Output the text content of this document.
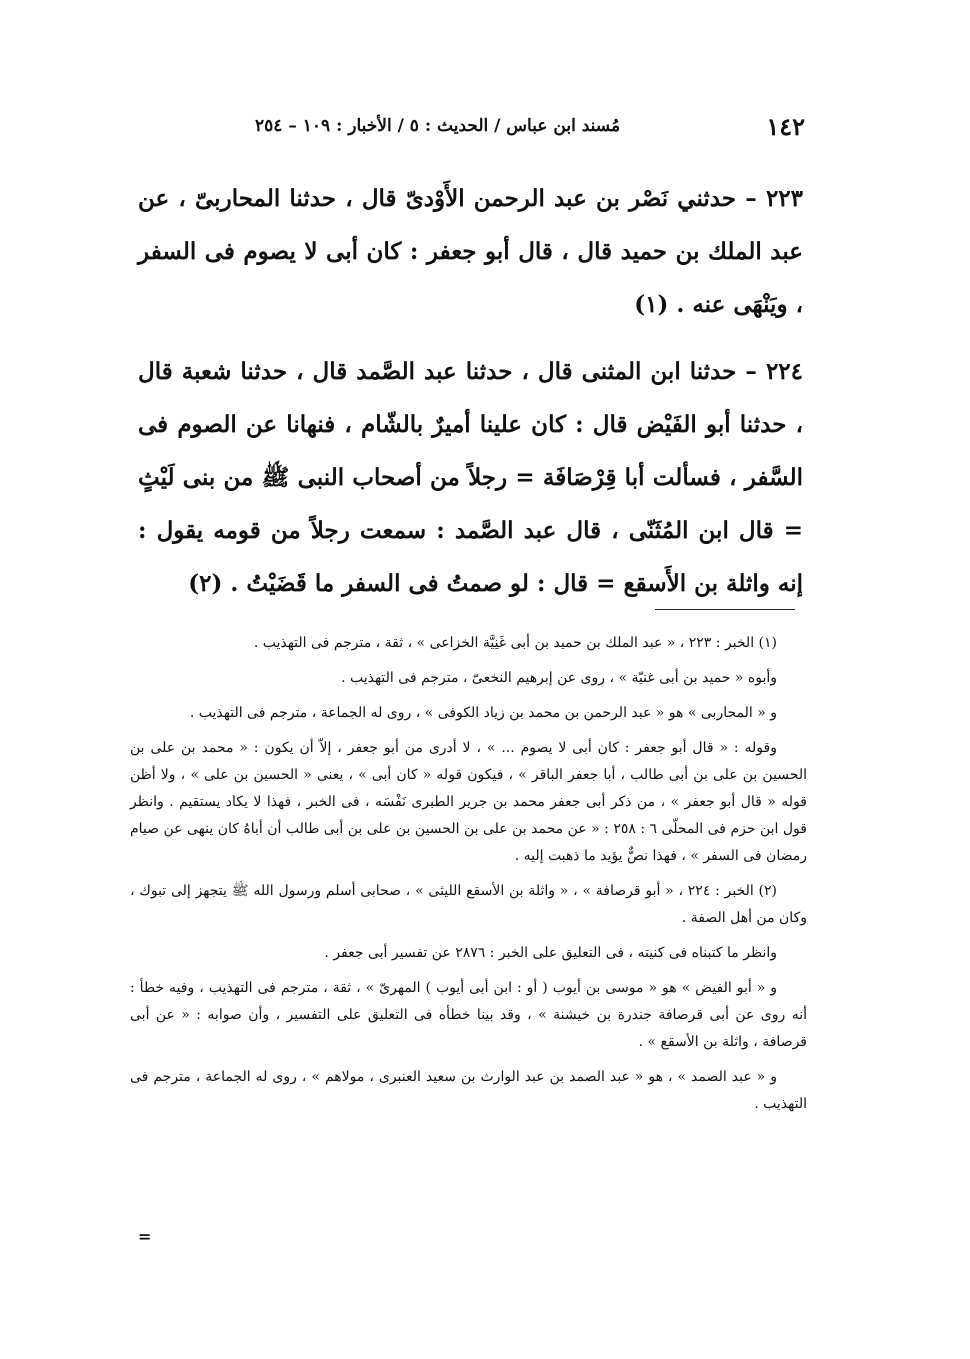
١٤٢
مُسند ابن عباس / الحديث : ٥ / الأخبار : ١٠٩ – ٢٥٤

٢٢٣ – حدثني نَصْر بن عبد الرحمن الأَوْدىّ قال ، حدثنا المحاربىّ ، عن عبد الملك بن حميد قال ، قال أبو جعفر : كان أبى لا يصوم فى السفر ، ويَنْهَى عنه . (١)

٢٢٤ – حدثنا ابن المثنى قال ، حدثنا عبد الصَّمد قال ، حدثنا شعبة قال ، حدثنا أبو الفَيْض قال : كان علينا أميرٌ بالشّام ، فنهانا عن الصوم فى السَّفر ، فسألت أبا قِرْصَافَة = رجلاً من أصحاب النبى ﷺ من بنى لَيْثٍ = قال ابن المُثَنّى ، قال عبد الصَّمد : سمعت رجلاً من قومه يقول : إنه واثلة بن الأَسقع = قال : لو صمتُ فى السفر ما قَضَيْتُ . (٢)

(١) الخبر : ٢٢٣ ، « عبد الملك بن حميد بن أبى غَنِيَّة الخزاعى » ، ثقة ، مترجم فى التهذيب .

وأبوه « حميد بن أبى غنيّة » ، روى عن إبرهيم النخعىّ ، مترجم فى التهذيب .

و « المحاربى » هو « عبد الرحمن بن محمد بن زياد الكوفى » ، روى له الجماعة ، مترجم فى التهذيب .

وقوله : « قال أبو جعفر : كان أبى لا يصوم ... » ، لا أدرى من أبو جعفر ، إلاّ أن يكون : « محمد بن على بن الحسين بن على بن أبى طالب ، أبا جعفر الباقر » ، فيكون قوله « كان أبى » ، يعنى « الحسين بن على » ، ولا أظن قوله « قال أبو جعفر » ، من ذكر أبى جعفر محمد بن جرير الطبرى نَفْسَه ، فى الخبر ، فهذا لا يكاد يستقيم . وانظر قول ابن حزم فى المحلّى ٦ : ٢٥٨ : « عن محمد بن على بن الحسين بن على بن أبى طالب أن أباهُ كان ينهى عن صيام رمضان فى السفر » ، فهذا نصٌّ يؤيد ما ذهبت إليه .

(٢) الخبر : ٢٢٤ ، « أبو قرصافة » ، « واثلة بن الأسقع الليثى » ، صحابى أسلم ورسول الله ﷺ يتجهز إلى تبوك ، وكان من أهل الصفة .

وانظر ما كتبناه فى كنيته ، فى التعليق على الخبر : ٢٨٧٦ عن تفسير أبى جعفر .

و « أبو الفيض » هو « موسى بن أيوب ( أو : ابن أبى أيوب ) المهرىّ » ، ثقة ، مترجم فى التهذيب ، وفيه خطأ : أنه روى عن أبى قرصافة جندرة بن خيشنة » ، وقد بينا خطأه فى التعليق على التفسير ، وأن صوابه : « عن أبى قرصافة ، واثلة بن الأسقع » .

و « عبد الصمد » ، هو « عبد الصمد بن عبد الوارث بن سعيد العنبرى ، مولاهم » ، روى له الجماعة ، مترجم فى التهذيب .

=
